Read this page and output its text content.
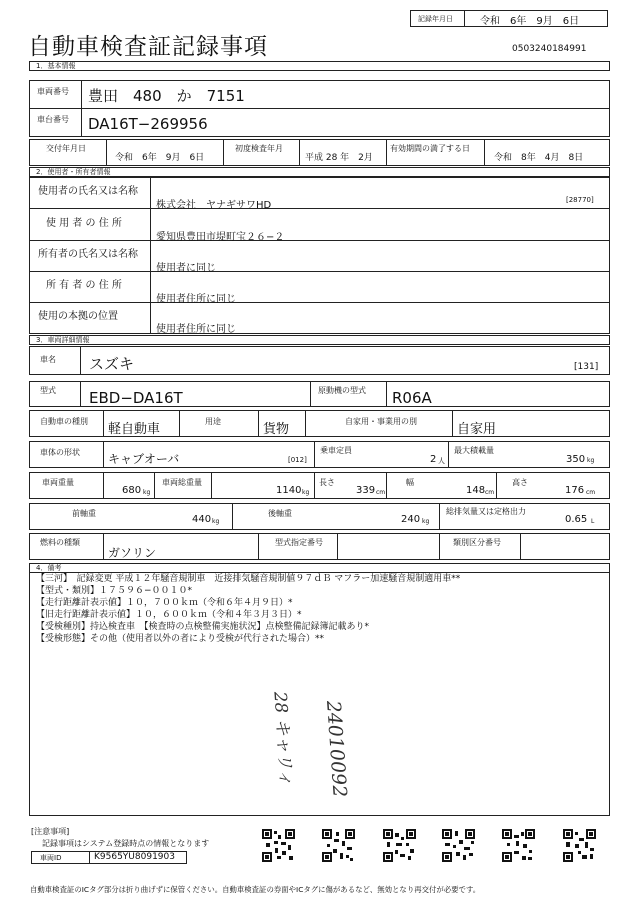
記録年月日	令和　6年　9月　6日
自動車検査証記録事項	0503240184991
1．基本情報
車両番号 豊田　480　か　7151
車台番号 DA16T−269956
交付年月日
令和　6年　9月　6日
初度検査年月
平成 28 年　2月
有効期間の満了する日
令和　8年　4月　8日
2．使用者・所有者情報
使用者の氏名又は名称
株式会社　ヤナギサワHD	[28770]
使 用 者 の 住 所
愛知県豊田市堤町宝２６−２
所有者の氏名又は名称
使用者に同じ
所 有 者 の 住 所
使用者住所に同じ
使用の本拠の位置
使用者住所に同じ
3．車両詳細情報
車名 スズキ	[131]
型式 EBD−DA16T	原動機の型式 R06A
自動車の種別
軽自動車
用途
貨物
自家用・事業用の別
自家用
車体の形状 キャブオーバ	[012]
乗車定員
2 人
最大積載量
350 kg
車両重量
680 kg
車両総重量
1140 kg
長さ
339 cm
幅
148 cm
高さ
176 cm
前軸重
440 kg
後軸重
240 kg
総排気量又は定格出力
0.65 L
燃料の種類
ガソリン
型式指定番号	類別区分番号
4．備考
【三河】　記録変更 平成１２年騒音規制車　近接排気騒音規制値９７ｄＢ マフラー加速騒音規制適用車**
【型式・類別】１７５９６−００１０*
【走行距離計表示値】１０，７００ｋｍ（令和６年４月９日）*
【旧走行距離計表示値】１０，６００ｋｍ（令和４年３月３日）*
【受検種別】持込検査車　【検査時の点検整備実施状況】点検整備記録簿記載あり*
【受検形態】その他（使用者以外の者により受検が代行された場合）**
24010092
28 キャリィ
[注意事項]
記録事項はシステム登録時点の情報となります
車両ID	K9565YU8091903
自動車検査証のICタグ部分は折り曲げずに保管ください。自動車検査証の券面やICタグに傷があるなど、無効となり再交付が必要です。
